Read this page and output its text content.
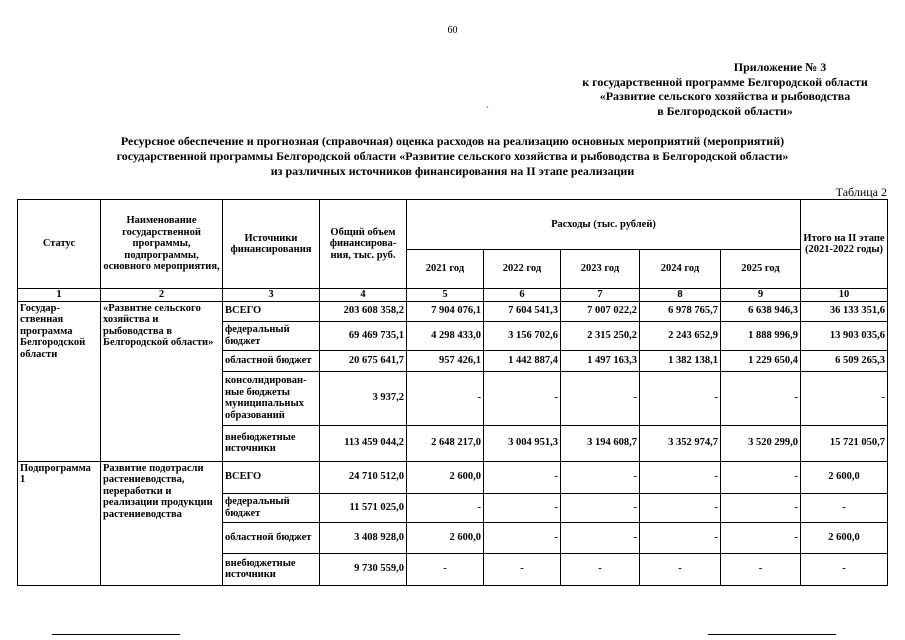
60
Приложение № 3
к государственной программе Белгородской области
«Развитие сельского хозяйства и рыбоводства
в Белгородской области»
Ресурсное обеспечение и прогнозная (справочная) оценка расходов на реализацию основных мероприятий (мероприятий)
государственной программы Белгородской области «Развитие сельского хозяйства и рыбоводства в Белгородской области»
из различных источников финансирования на II этапе реализации
Таблица 2
Статус	Наименование государственной программы, подпрограммы, основного мероприятия,	Источники финансирования	Общий объем финансирова-ния, тыс. руб.	Расходы (тыс. рублей)					Итого на II этапе (2021-2022 годы)
				2021 год	2022 год	2023 год	2024 год	2025 год	
1	2	3	4	5	6	7	8	9	10
Государ-ственная программа Белгородской области	«Развитие сельского хозяйства и рыбоводства в Белгородской области»	ВСЕГО	203 608 358,2	7 904 076,1	7 604 541,3	7 007 022,2	6 978 765,7	6 638 946,3	36 133 351,6
		федеральный бюджет	69 469 735,1	4 298 433,0	3 156 702,6	2 315 250,2	2 243 652,9	1 888 996,9	13 903 035,6
		областной бюджет	20 675 641,7	957 426,1	1 442 887,4	1 497 163,3	1 382 138,1	1 229 650,4	6 509 265,3
		консолидирован-ные бюджеты муниципальных образований	3 937,2	-	-	-	-	-	-
		внебюджетные источники	113 459 044,2	2 648 217,0	3 004 951,3	3 194 608,7	3 352 974,7	3 520 299,0	15 721 050,7
Подпрограмма 1	Развитие подотрасли растениеводства, переработки и реализации продукции растениеводства	ВСЕГО	24 710 512,0	2 600,0	-	-	-	-	2 600,0
		федеральный бюджет	11 571 025,0	-	-	-	-	-	-
		областной бюджет	3 408 928,0	2 600,0	-	-	-	-	2 600,0
		внебюджетные источники	9 730 559,0	-	-	-	-	-	-
ˏ
